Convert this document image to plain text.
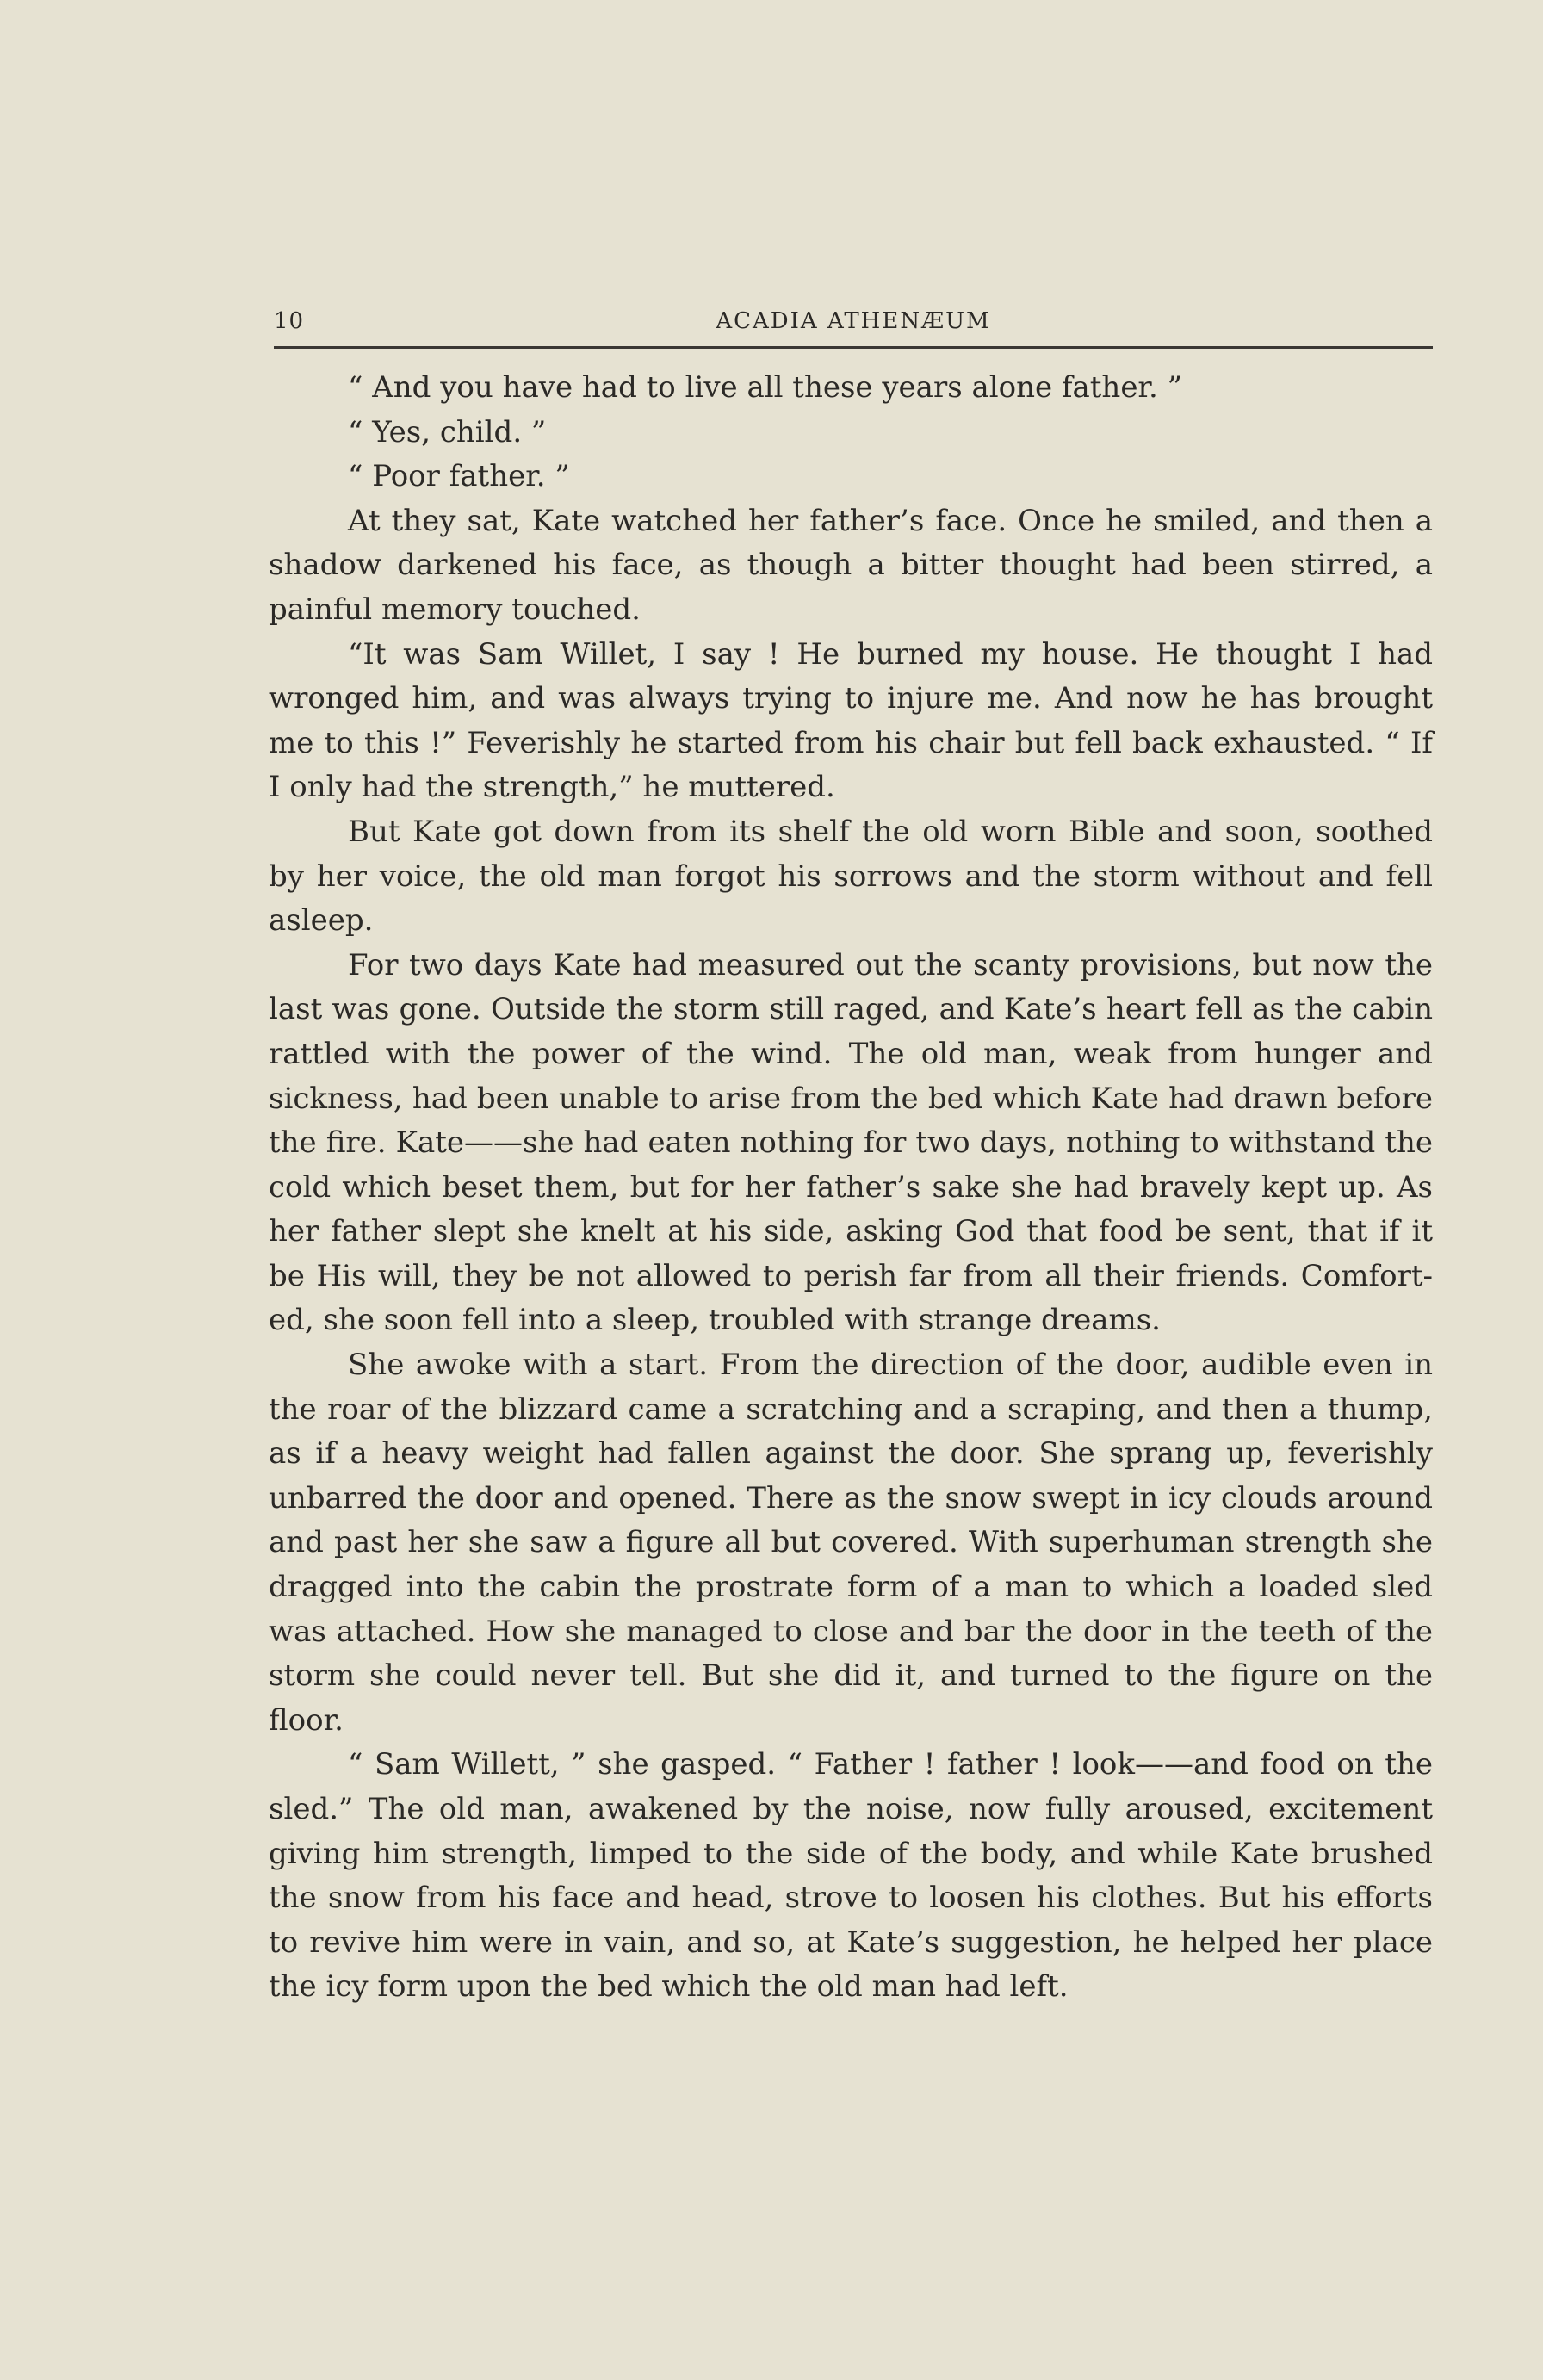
10	ACADIA ATHENÆUM

“ And you have had to live all these years alone father. ”

“ Yes, child. ”

“ Poor father. ”

At they sat, Kate watched her father’s face. Once he smiled, and then a shadow darkened his face, as though a bitter thought had been stirred, a painful memory touched.

“It was Sam Willet, I say ! He burned my house. He thought I had wronged him, and was always trying to injure me. And now he has brought me to this !” Feverishly he started from his chair but fell back exhausted. “ If I only had the strength,” he muttered.

But Kate got down from its shelf the old worn Bible and soon, soothed by her voice, the old man forgot his sorrows and the storm without and fell asleep.

For two days Kate had measured out the scanty provisions, but now the last was gone. Outside the storm still raged, and Kate’s heart fell as the cabin rattled with the power of the wind. The old man, weak from hunger and sickness, had been unable to arise from the bed which Kate had drawn before the fire. Kate——she had eaten nothing for two days, nothing to withstand the cold which beset them, but for her father’s sake she had bravely kept up. As her father slept she knelt at his side, asking God that food be sent, that if it be His will, they be not allowed to perish far from all their friends. Comfort-ed, she soon fell into a sleep, troubled with strange dreams.

She awoke with a start. From the direction of the door, audible even in the roar of the blizzard came a scratching and a scraping, and then a thump, as if a heavy weight had fallen against the door. She sprang up, feverishly unbarred the door and opened. There as the snow swept in icy clouds around and past her she saw a figure all but covered. With superhuman strength she dragged into the cabin the prostrate form of a man to which a loaded sled was attached. How she managed to close and bar the door in the teeth of the storm she could never tell. But she did it, and turned to the figure on the floor.

“ Sam Willett, ” she gasped. “ Father ! father ! look——and food on the sled.” The old man, awakened by the noise, now fully aroused, excitement giving him strength, limped to the side of the body, and while Kate brushed the snow from his face and head, strove to loosen his clothes. But his efforts to revive him were in vain, and so, at Kate’s suggestion, he helped her place the icy form upon the bed which the old man had left.
